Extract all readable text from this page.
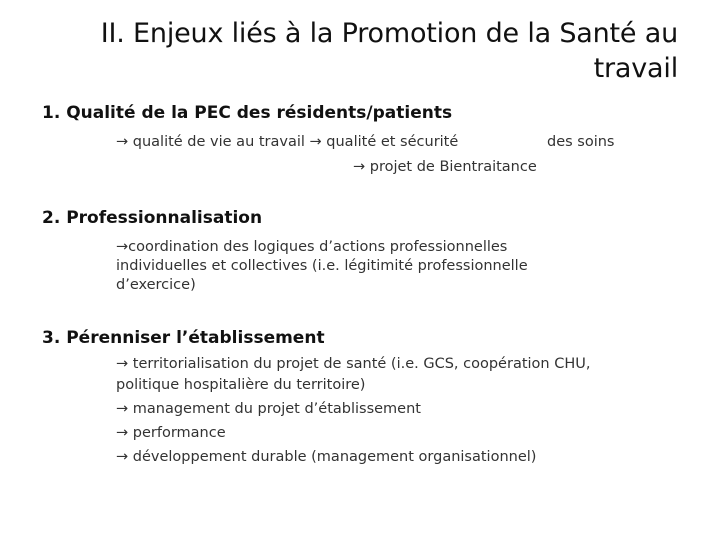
II. Enjeux liés à la Promotion de la Santé au
travail
1. Qualité de la PEC des résidents/patients

→ qualité de vie au travail → qualité et sécurité	des soins

→ projet de Bientraitance

2. Professionnalisation
→coordination des logiques d’actions professionnelles
individuelles et collectives (i.e. légitimité professionnelle
d’exercice)
3. Pérenniser l’établissement
→ territorialisation du projet de santé (i.e. GCS, coopération CHU,
politique hospitalière du territoire)
→ management du projet d’établissement
→ performance
→ développement durable (management organisationnel)
